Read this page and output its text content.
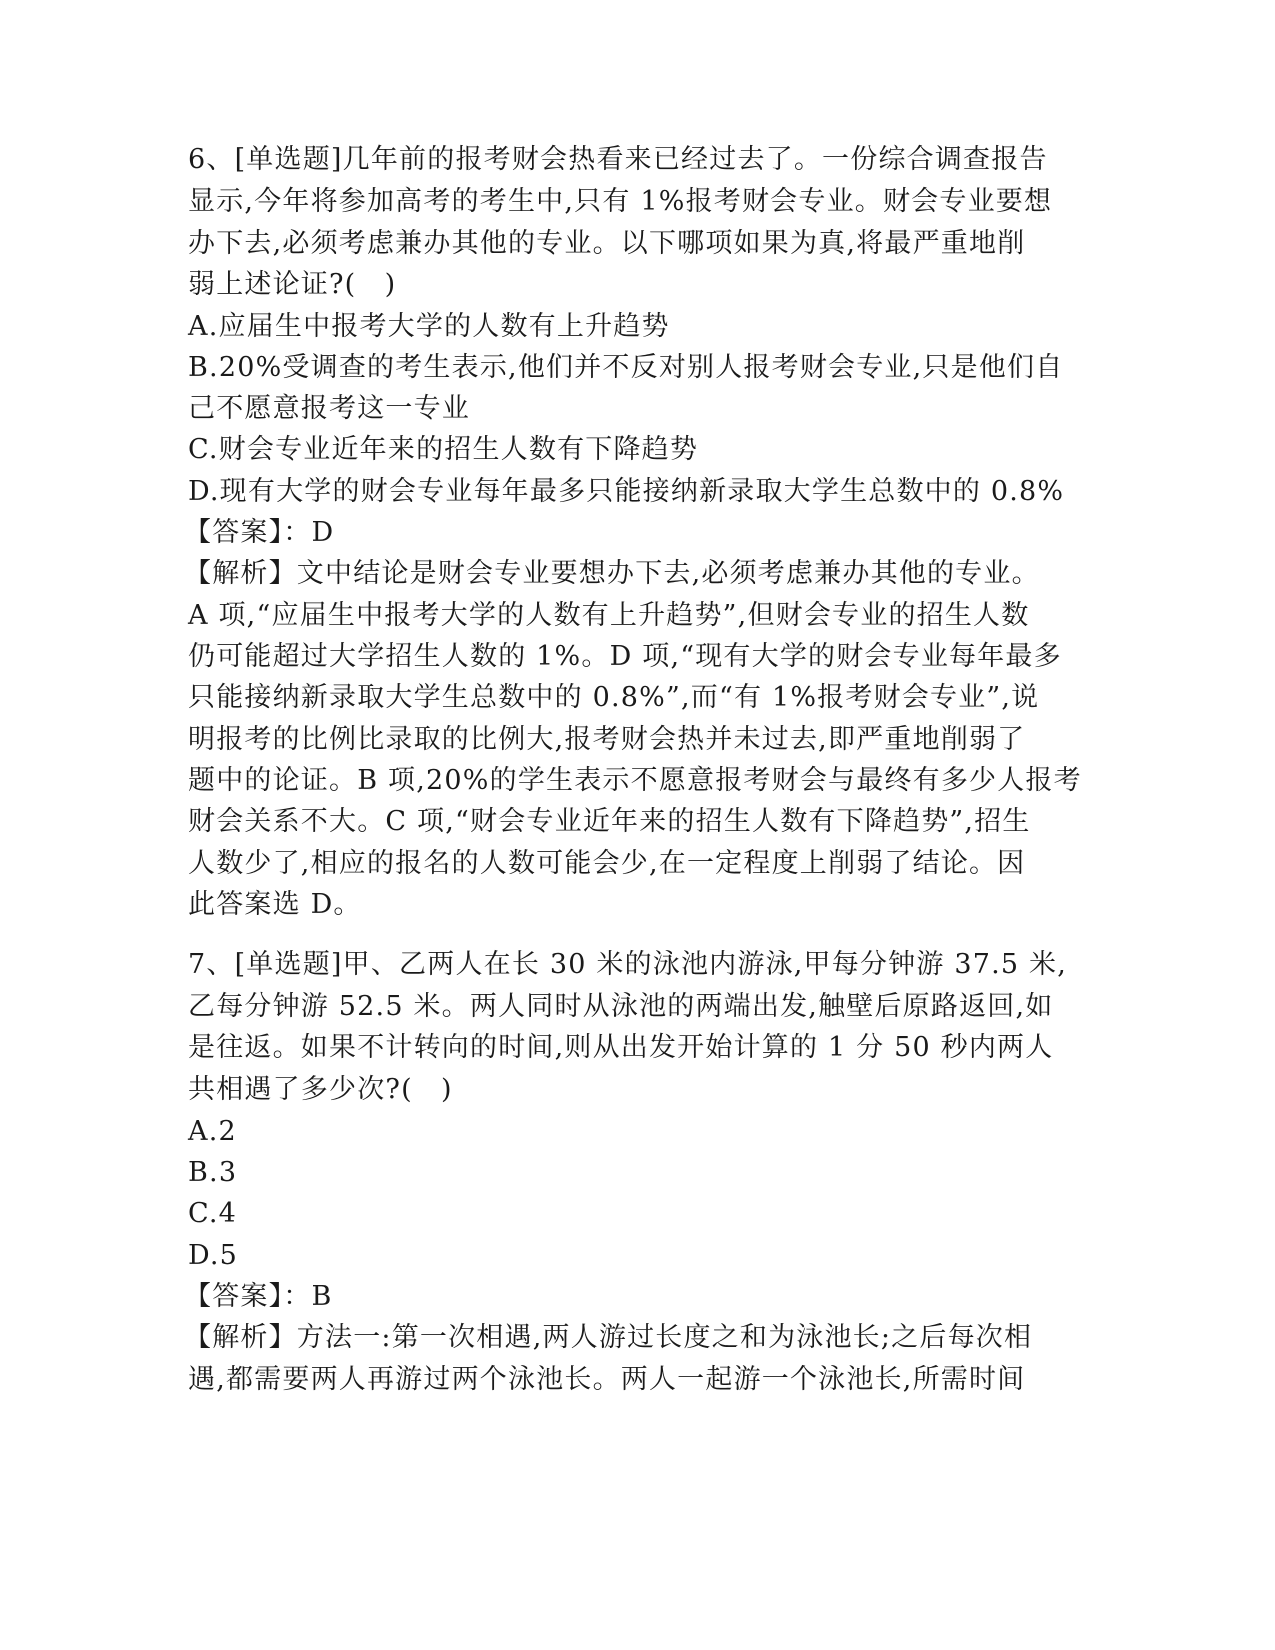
6、[单选题]几年前的报考财会热看来已经过去了。一份综合调查报告
显示,今年将参加高考的考生中,只有 1%报考财会专业。财会专业要想
办下去,必须考虑兼办其他的专业。以下哪项如果为真,将最严重地削
弱上述论证?(　)
A.应届生中报考大学的人数有上升趋势
B.20%受调查的考生表示,他们并不反对别人报考财会专业,只是他们自
己不愿意报考这一专业
C.财会专业近年来的招生人数有下降趋势
D.现有大学的财会专业每年最多只能接纳新录取大学生总数中的 0.8%
【答案】：D
【解析】文中结论是财会专业要想办下去,必须考虑兼办其他的专业。
A 项,“应届生中报考大学的人数有上升趋势”,但财会专业的招生人数
仍可能超过大学招生人数的 1%。D 项,“现有大学的财会专业每年最多
只能接纳新录取大学生总数中的 0.8%”,而“有 1%报考财会专业”,说
明报考的比例比录取的比例大,报考财会热并未过去,即严重地削弱了
题中的论证。B 项,20%的学生表示不愿意报考财会与最终有多少人报考
财会关系不大。C 项,“财会专业近年来的招生人数有下降趋势”,招生
人数少了,相应的报名的人数可能会少,在一定程度上削弱了结论。因
此答案选 D。
7、[单选题]甲、乙两人在长 30 米的泳池内游泳,甲每分钟游 37.5 米,
乙每分钟游 52.5 米。两人同时从泳池的两端出发,触壁后原路返回,如
是往返。如果不计转向的时间,则从出发开始计算的 1 分 50 秒内两人
共相遇了多少次?(　)
A.2
B.3
C.4
D.5
【答案】：B
【解析】方法一:第一次相遇,两人游过长度之和为泳池长;之后每次相
遇,都需要两人再游过两个泳池长。两人一起游一个泳池长,所需时间
